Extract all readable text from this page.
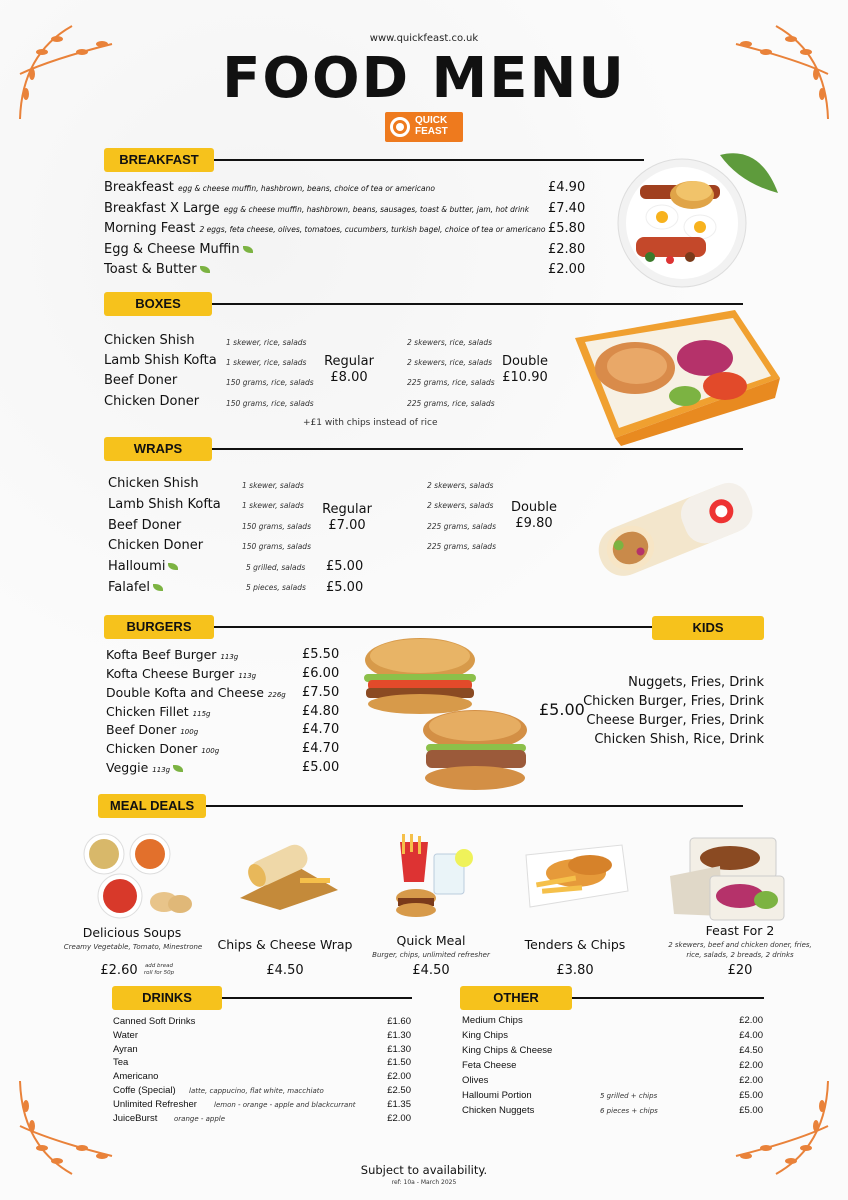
www.quickfeast.co.uk
FOOD MENU
QUICK
FEAST
BREAKFAST
Breakfeast egg & cheese muffin, hashbrown, beans, choice of tea or americano	£4.90
Breakfast X Large egg & cheese muffin, hashbrown, beans, sausages, toast & butter, jam, hot drink £7.40
Morning Feast 2 eggs, feta cheese, olives, tomatoes, cucumbers, turkish bagel, choice of tea or americano £5.80
Egg & Cheese Muffin	£2.80
Toast & Butter	£2.00
BOXES
Chicken Shish	1 skewer, rice, salads	2 skewers, rice, salads
Lamb Shish Kofta 1 skewer, rice, salads	2 skewers, rice, salads
Beef Doner	150 grams, rice, salads	225 grams, rice, salads
Chicken Doner	150 grams, rice, salads	225 grams, rice, salads
Regular
£8.00
Double
£10.90
+£1 with chips instead of rice
WRAPS
Chicken Shish	1 skewer, salads	2 skewers, salads
Lamb Shish Kofta	1 skewer, salads	2 skewers, salads
Beef Doner	150 grams, salads	225 grams, salads
Chicken Doner	150 grams, salads	225 grams, salads
Halloumi	5 grilled, salads £5.00
Falafel	5 pieces, salads £5.00
Regular
£7.00
Double
£9.80
BURGERS	KIDS
Kofta Beef Burger 113g	£5.50
Kofta Cheese Burger 113g	£6.00
Double Kofta and Cheese 226g £7.50
Chicken Fillet 115g	£4.80
Beef Doner 100g	£4.70
Chicken Doner 100g	£4.70
Veggie 113g	£5.00
£5.00
Nuggets, Fries, Drink
Chicken Burger, Fries, Drink
Cheese Burger, Fries, Drink
Chicken Shish, Rice, Drink
MEAL DEALS
Delicious Soups
Creamy Vegetable, Tomato, Minestrone
£2.60	add bread roll for 50p
Chips & Cheese Wrap
£4.50
Quick Meal
Burger, chips, unlimited refresher
£4.50
Tenders & Chips
£3.80
Feast For 2
2 skewers, beef and chicken doner, fries, rice, salads, 2 breads, 2 drinks
£20
DRINKS
Canned Soft Drinks	£1.60
Water	£1.30
Ayran	£1.30
Tea	£1.50
Americano	£2.00
Coffe (Special) latte, cappucino, flat white, macchiato	£2.50
Unlimited Refresher lemon - orange - apple and blackcurrant	£1.35
JuiceBurst orange - apple	£2.00
OTHER
Medium Chips	£2.00
King Chips	£4.00
King Chips & Cheese	£4.50
Feta Cheese	£2.00
Olives	£2.00
Halloumi Portion	5 grilled + chips	£5.00
Chicken Nuggets	6 pieces + chips	£5.00
Subject to availability.
ref: 10a - March 2025
